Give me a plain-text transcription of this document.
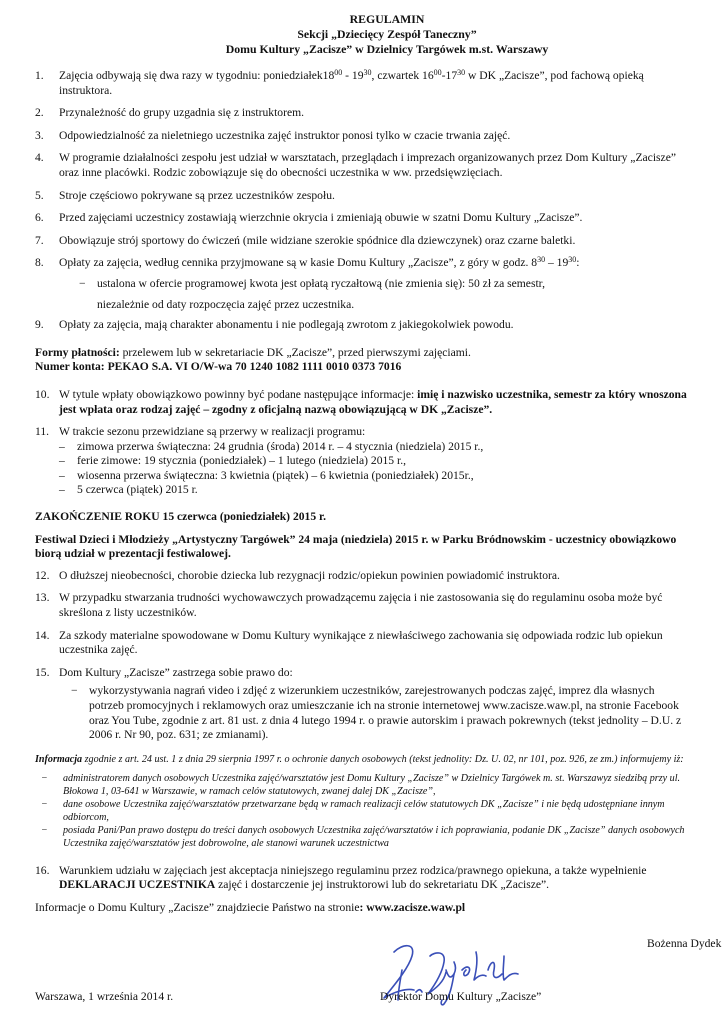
REGULAMIN
Sekcji „Dziecięcy Zespół Taneczny”
Domu Kultury „Zacisze” w Dzielnicy Targówek m.st. Warszawy
1.	Zajęcia odbywają się dwa razy w tygodniu: $poniedziałek18^{00} - 19^{30}$, czwartek $16^{00}-17^{30}$ w DK „Zacisze”, pod fachową opieką instruktora.
2.	Przynależność do grupy uzgadnia się z instruktorem.
3.	Odpowiedzialność za nieletniego uczestnika zajęć instruktor ponosi tylko w czacie trwania zajęć.
4.	W programie działalności zespołu jest udział w warsztatach, przeglądach i imprezach organizowanych przez Dom Kultury „Zacisze” oraz inne placówki. Rodzic zobowiązuje się do obecności uczestnika w ww. przedsięwzięciach.
5.	Stroje częściowo pokrywane są przez uczestników zespołu.
6.	Przed zajęciami uczestnicy zostawiają wierzchnie okrycia i zmieniają obuwie w szatni Domu Kultury „Zacisze”.
7.	Obowiązuje strój sportowy do ćwiczeń (mile widziane szerokie spódnice dla dziewczynek) oraz czarne baletki.
8.	Opłaty za zajęcia, według cennika przyjmowane są w kasie Domu Kultury „Zacisze”, z góry w godz. $8^{30} - 19^{30}$:
− ustalona w ofercie programowej kwota jest opłatą ryczałtową (nie zmienia się): 50 zł za semestr,
niezależnie od daty rozpoczęcia zajęć przez uczestnika.
9.	Opłaty za zajęcia, mają charakter abonamentu i nie podlegają zwrotom z jakiegokolwiek powodu.
Formy płatności: przelewem lub w sekretariacie DK „Zacisze”, przed pierwszymi zajęciami.
Numer konta: PEKAO S.A. VI O/W-wa 70 1240 1082 1111 0010 0373 7016
10. W tytule wpłaty obowiązkowo powinny być podane następujące informacje: imię i nazwisko uczestnika, semestr za który wnoszona jest wpłata oraz rodzaj zajęć – zgodny z oficjalną nazwą obowiązującą w DK „Zacisze”.
11. W trakcie sezonu przewidziane są przerwy w realizacji programu:
–	zimowa przerwa świąteczna: 24 grudnia (środa) 2014 r. – 4 stycznia (niedziela) 2015 r.,
–	ferie zimowe: 19 stycznia (poniedziałek) – 1 lutego (niedziela) 2015 r.,
–	wiosenna przerwa świąteczna: 3 kwietnia (piątek) – 6 kwietnia (poniedziałek) 2015r.,
–	5 czerwca (piątek) 2015 r.
ZAKOŃCZENIE ROKU 15 czerwca (poniedziałek) 2015 r.
Festiwal Dzieci i Młodzieży „Artystyczny Targówek” 24 maja (niedziela) 2015 r. w Parku Bródnowskim - uczestnicy obowiązkowo biorą udział w prezentacji festiwalowej.
12. O dłuższej nieobecności, chorobie dziecka lub rezygnacji rodzic/opiekun powinien powiadomić instruktora.
13. W przypadku stwarzania trudności wychowawczych prowadzącemu zajęcia i nie zastosowania się do regulaminu osoba może być skreślona z listy uczestników.
14. Za szkody materialne spowodowane w Domu Kultury wynikające z niewłaściwego zachowania się odpowiada rodzic lub opiekun uczestnika zajęć.
15. Dom Kultury „Zacisze” zastrzega sobie prawo do:
− wykorzystywania nagrań video i zdjęć z wizerunkiem uczestników, zarejestrowanych podczas zajęć, imprez dla własnych potrzeb promocyjnych i reklamowych oraz umieszczanie ich na stronie internetowej www.zacisze.waw.pl, na stronie Facebook oraz You Tube, zgodnie z art. 81 ust. z dnia 4 lutego 1994 r. o prawie autorskim i prawach pokrewnych (tekst jednolity – D.U. z 2006 r. Nr 90, poz. 631; ze zmianami).
Informacja zgodnie z art. 24 ust. 1 z dnia 29 sierpnia 1997 r. o ochronie danych osobowych (tekst jednolity: Dz. U. 02, nr 101, poz. 926, ze zm.) informujemy iż:
−	administratorem danych osobowych Uczestnika zajęć/warsztatów jest Domu Kultury „Zacisze” w Dzielnicy Targówek m. st. Warszawyz siedzibą przy ul. Błokowa 1, 03-641 w Warszawie, w ramach celów statutowych, zwanej dalej DK „Zacisze”,
−	dane osobowe Uczestnika zajęć/warsztatów przetwarzane będą w ramach realizacji celów statutowych DK „Zacisze” i nie będą udostępniane innym odbiorcom,
−	posiada Pani/Pan prawo dostępu do treści danych osobowych Uczestnika zajęć/warsztatów i ich poprawiania, podanie DK „Zacisze” danych osobowych Uczestnika zajęć/warsztatów jest dobrowolne, ale stanowi warunek uczestnictwa
16. Warunkiem udziału w zajęciach jest akceptacja niniejszego regulaminu przez rodzica/prawnego opiekuna, a także wypełnienie DEKLARACJI UCZESTNIKA zajęć i dostarczenie jej instruktorowi lub do sekretariatu DK „Zacisze”.
Informacje o Domu Kultury „Zacisze” znajdziecie Państwo na stronie: www.zacisze.waw.pl
Bożenna Dydek
Warszawa, 1 września 2014 r.	Dyrektor Domu Kultury „Zacisze”
